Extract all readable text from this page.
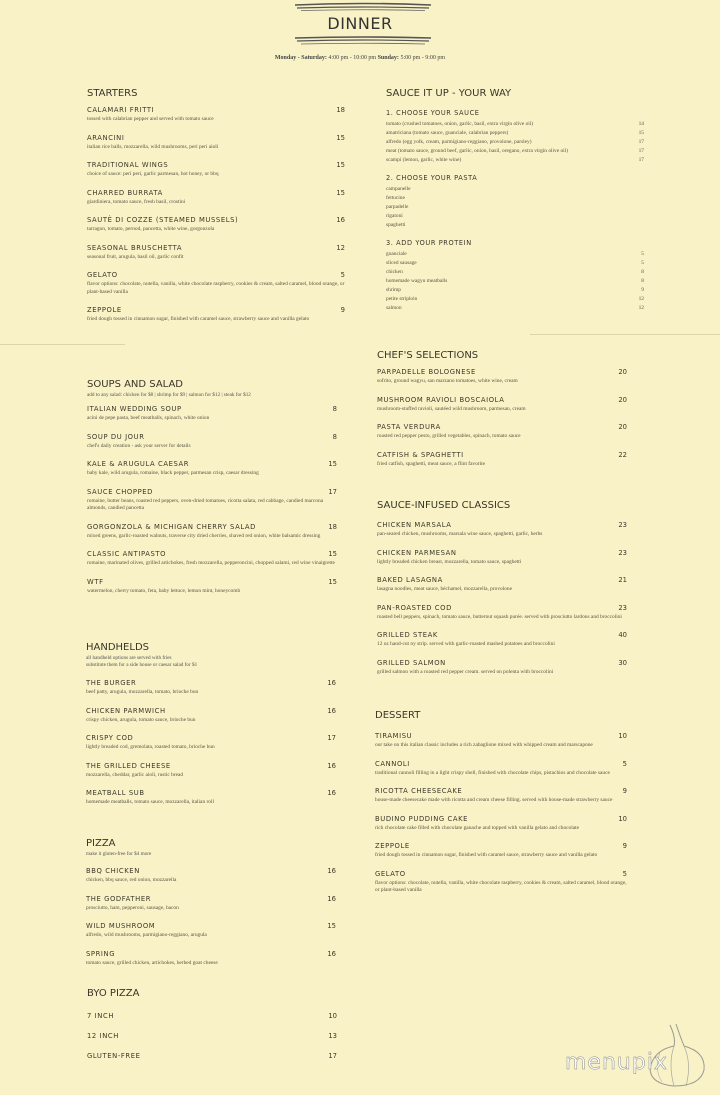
DINNER
Monday - Saturday: 4:00 pm - 10:00 pm Sunday: 5:00 pm - 9:00 pm
STARTERS
CALAMARI FRITTI	18
tossed with calabrian pepper and served with tomato sauce
ARANCINI	15
italian rice balls, mozzarella, wild mushrooms, peri peri aioli
TRADITIONAL WINGS	15
choice of sauce: peri peri, garlic parmesan, hot honey, or bbq
CHARRED BURRATA	15
giardiniera, tomato sauce, fresh basil, crostini
SAUTÈ DI COZZE (STEAMED MUSSELS)	16
tarragon, tomato, pernod, pancetta, white wine, gorgonzola
SEASONAL BRUSCHETTA	12
seasonal fruit, arugula, basil oil, garlic confit
GELATO	5
flavor options: chocolate, nutella, vanilla, white chocolate raspberry, cookies & cream, salted caramel, blood orange, or plant-based vanilla
ZEPPOLE	9
fried dough tossed in cinnamon sugar, finished with caramel sauce, strawberry sauce and vanilla gelato
SOUPS AND SALAD
add to any salad: chicken for $8 | shrimp for $9 | salmon for $12 | steak for $12
ITALIAN WEDDING SOUP	8
acini de pepe pasta, beef meatballs, spinach, white onion
SOUP DU JOUR	8
chef's daily creation - ask your server for details
KALE & ARUGULA CAESAR	15
baby kale, wild arugula, romaine, black pepper, parmesan crisp, caesar dressing
SAUCE CHOPPED	17
romaine, butter beans, roasted red peppers, oven-dried tomatoes, ricotta salata, red cabbage, candied marcona almonds, candied pancetta
GORGONZOLA & MICHIGAN CHERRY SALAD	18
mixed greens, garlic-roasted walnuts, traverse city dried cherries, shaved red onion, white balsamic dressing
CLASSIC ANTIPASTO	15
romaine, marinated olives, grilled artichokes, fresh mozzarella, pepperoncini, chopped salami, red wine vinaigrette
WTF	15
watermelon, cherry tomato, feta, baby lettuce, lemon mint, honeycomb
HANDHELDS
all handheld options are served with fries
substitute them for a side house or caesar salad for $1
THE BURGER	16
beef patty, arugula, mozzarella, tomato, brioche bun
CHICKEN PARMWICH	16
crispy chicken, arugula, tomato sauce, brioche bun
CRISPY COD	17
lightly breaded cod, gremolata, roasted tomato, brioche bun
THE GRILLED CHEESE	16
mozzarella, cheddar, garlic aioli, rustic bread
MEATBALL SUB	16
homemade meatballs, tomato sauce, mozzarella, italian roll
PIZZA
make it gluten-free for $4 more
BBQ CHICKEN	16
chicken, bbq sauce, red onion, mozzarella
THE GODFATHER	16
prosciutto, ham, pepperoni, sausage, bacon
WILD MUSHROOM	15
alfredo, wild mushrooms, parmigiano-reggiano, arugula
SPRING	16
tomato sauce, grilled chicken, artichokes, herbed goat cheese
BYO PIZZA
7 INCH	10
12 INCH	13
GLUTEN-FREE	17
SAUCE IT UP - YOUR WAY
1. CHOOSE YOUR SAUCE
tomato (crushed tomatoes, onion, garlic, basil, extra virgin olive oil)	14
amatriciana (tomato sauce, guanciale, calabrian peppers)	15
alfredo (egg yolk, cream, parmigiano-reggiano, provolone, parsley)	17
meat (tomato sauce, ground beef, garlic, onion, basil, oregano, extra virgin olive oil)	17
scampi (lemon, garlic, white wine)	17
2. CHOOSE YOUR PASTA
campanelle
fettucine
parpadelle
rigatoni
spaghetti
3. ADD YOUR PROTEIN
guanciale	5
sliced sausage	5
chicken	8
homemade wagyu meatballs	8
shrimp	9
petite striploin	12
salmon	12
CHEF'S SELECTIONS
PARPADELLE BOLOGNESE	20
sofrito, ground wagyu, san marzano tomatoes, white wine, cream
MUSHROOM RAVIOLI BOSCAIOLA	20
mushroom-stuffed ravioli, sautéed wild mushroom, parmesan, cream
PASTA VERDURA	20
roasted red pepper pesto, grilled vegetables, spinach, tomato sauce
CATFISH & SPAGHETTI	22
fried catfish, spaghetti, meat sauce, a flint favorite
SAUCE-INFUSED CLASSICS
CHICKEN MARSALA	23
pan-seared chicken, mushrooms, marsala wine sauce, spaghetti, garlic, herbs
CHICKEN PARMESAN	23
lightly breaded chicken breast, mozzarella, tomato sauce, spaghetti
BAKED LASAGNA	21
lasagna noodles, meat sauce, béchamel, mozzarella, provolone
PAN-ROASTED COD	23
roasted bell peppers, spinach, tomato sauce, butternut squash purée. served with prosciutto lardons and broccolini
GRILLED STEAK	40
12 oz hand-cut ny strip. served with garlic-roasted mashed potatoes and broccolini
GRILLED SALMON	30
grilled salmon with a roasted red pepper cream. served on polenta with broccolini
DESSERT
TIRAMISU	10
our take on this italian classic includes a rich zabaglione mixed with whipped cream and marscapone
CANNOLI	5
traditional cannoli filling in a light crispy shell, finished with chocolate chips, pistachios and chocolate sauce
RICOTTA CHEESECAKE	9
house-made cheesecake made with ricotta and cream cheese filling. served with house-made strawberry sauce
BUDINO PUDDING CAKE	10
rich chocolate cake filled with chocolate ganache and topped with vanilla gelato and chocolate
ZEPPOLE	9
fried dough tossed in cinnamon sugar, finished with caramel sauce, strawberry sauce and vanilla gelato
GELATO	5
flavor options: chocolate, nutella, vanilla, white chocolate raspberry, cookies & cream, salted caramel, blood orange, or plant-based vanilla
menupix
